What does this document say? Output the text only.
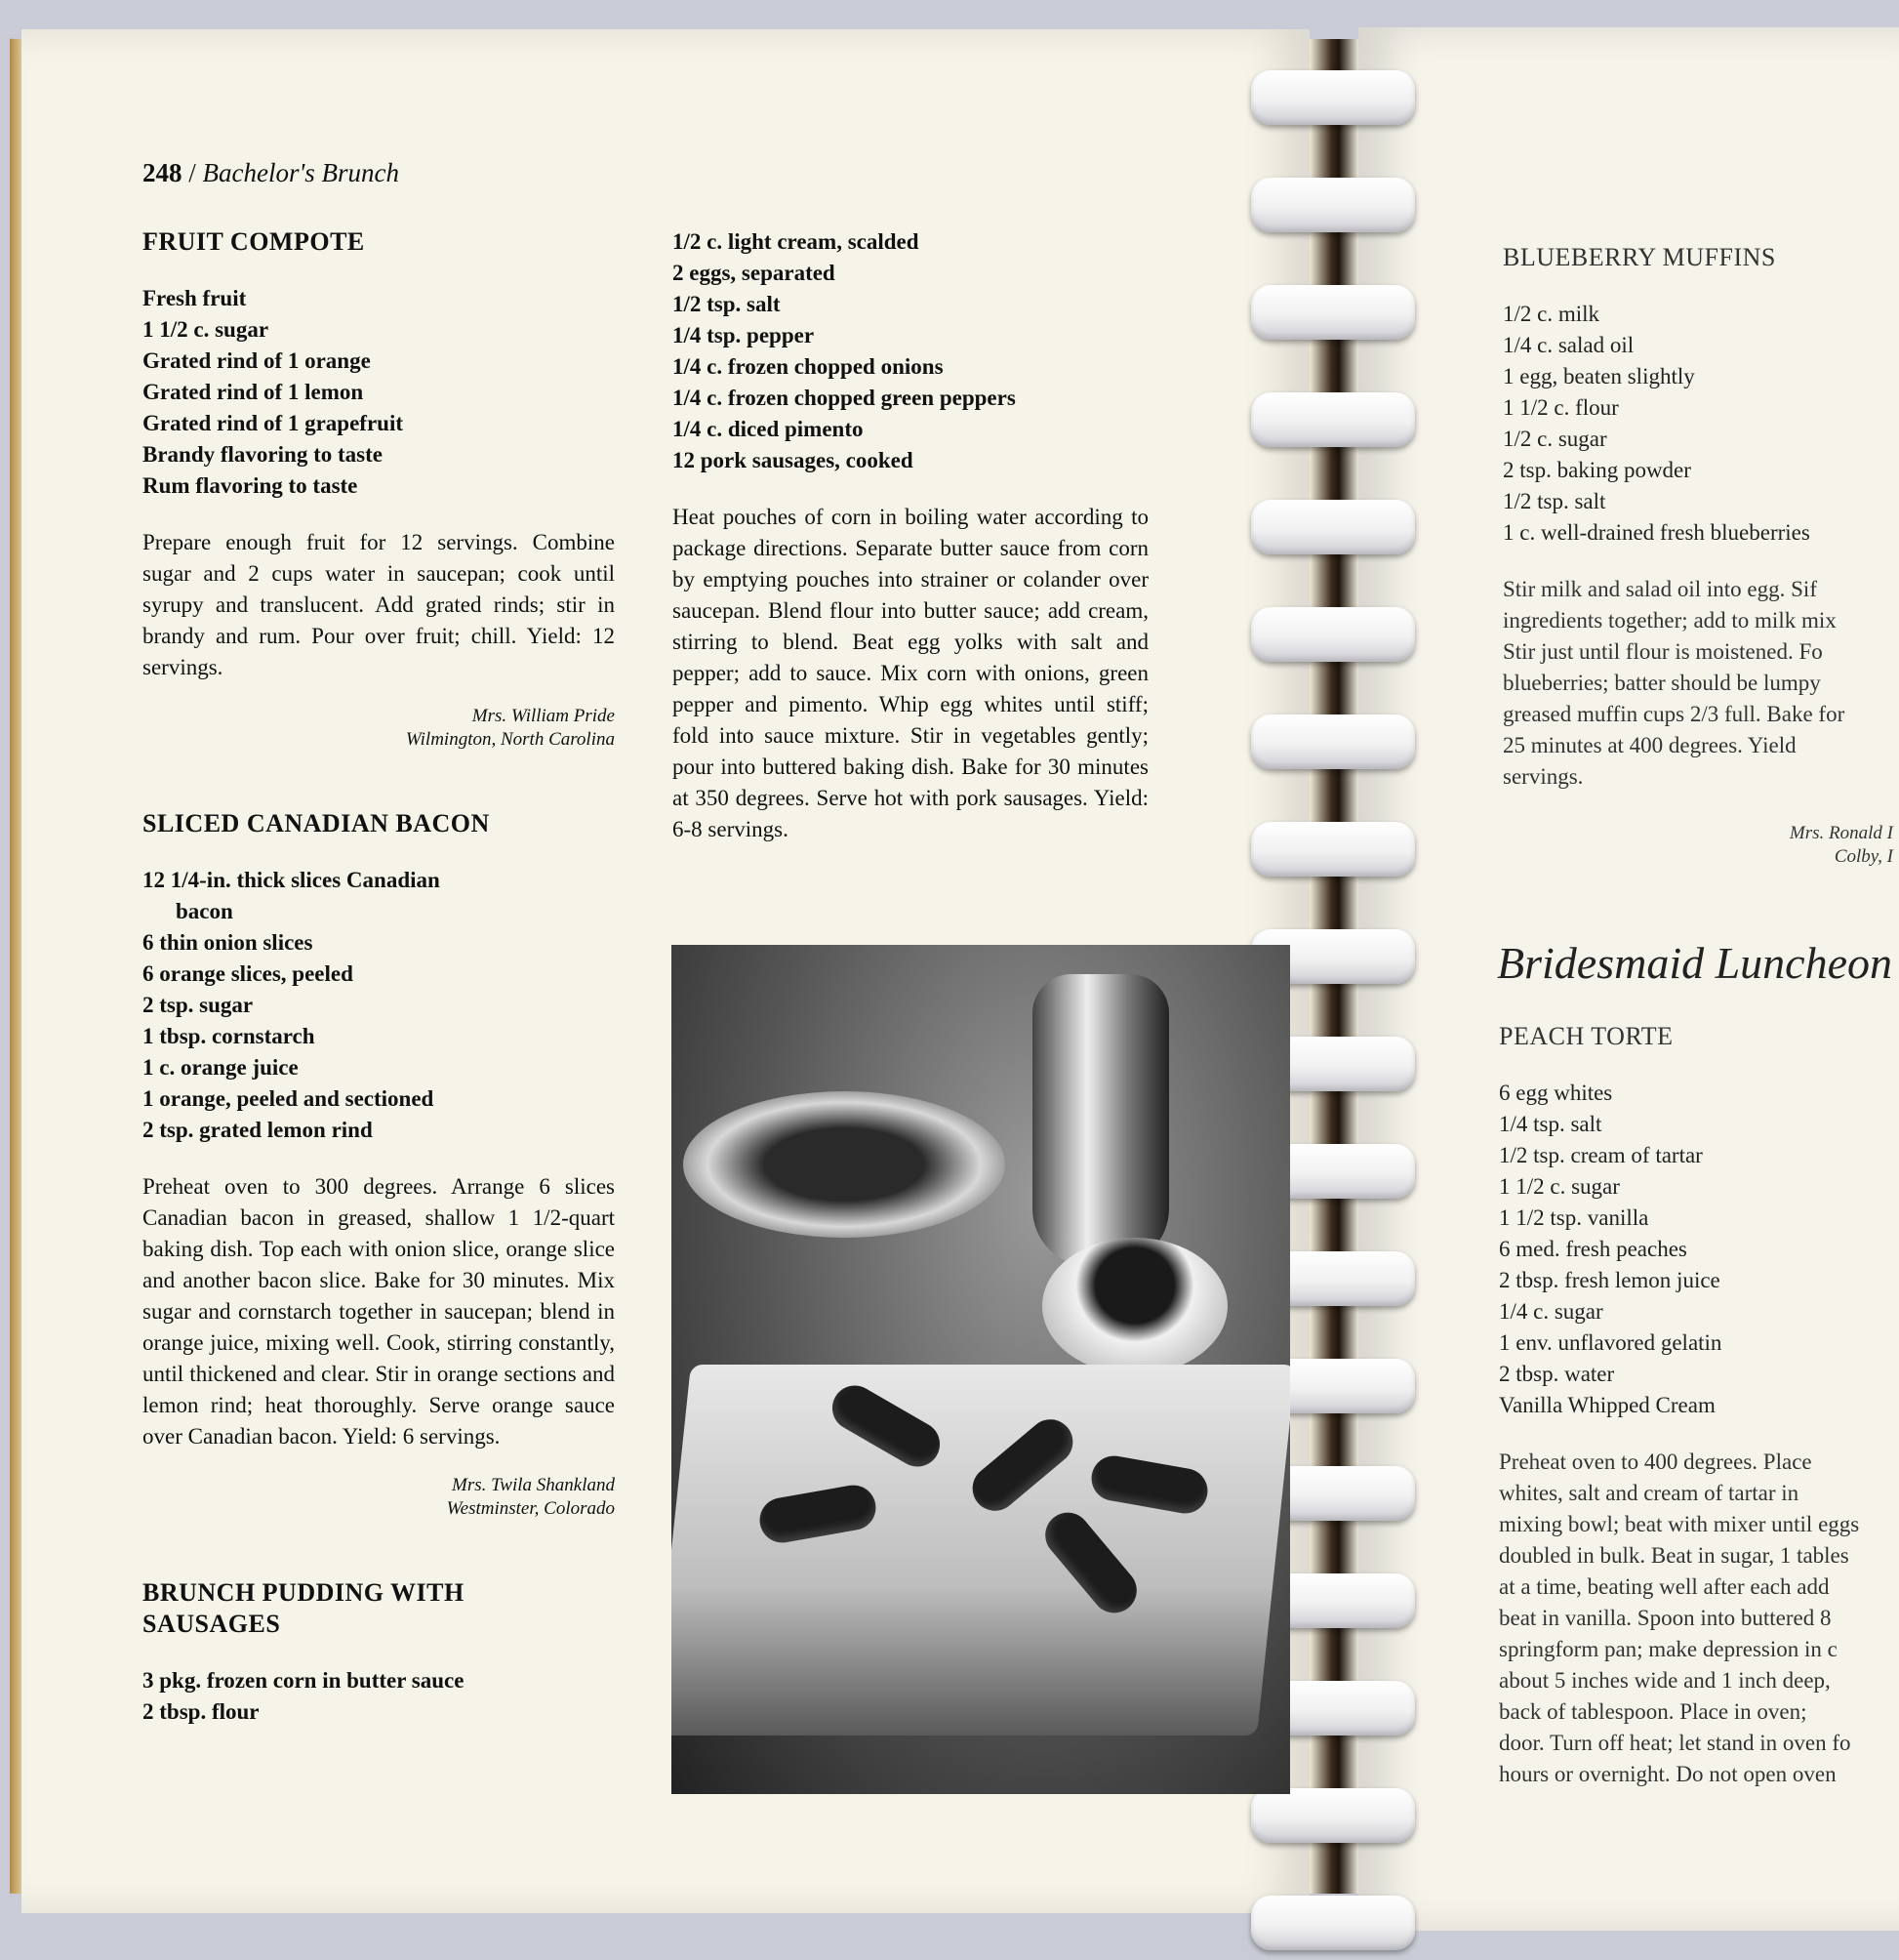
248 / Bachelor's Brunch
FRUIT COMPOTE
Fresh fruit
1 1/2 c. sugar
Grated rind of 1 orange
Grated rind of 1 lemon
Grated rind of 1 grapefruit
Brandy flavoring to taste
Rum flavoring to taste

Prepare enough fruit for 12 servings. Combine sugar and 2 cups water in saucepan; cook until syrupy and translucent. Add grated rinds; stir in brandy and rum. Pour over fruit; chill. Yield: 12 servings.

Mrs. William Pride
Wilmington, North Carolina
SLICED CANADIAN BACON
12 1/4-in. thick slices Canadian
bacon
6 thin onion slices
6 orange slices, peeled
2 tsp. sugar
1 tbsp. cornstarch
1 c. orange juice
1 orange, peeled and sectioned
2 tsp. grated lemon rind

Preheat oven to 300 degrees. Arrange 6 slices Canadian bacon in greased, shallow 1 1/2-quart baking dish. Top each with onion slice, orange slice and another bacon slice. Bake for 30 minutes. Mix sugar and cornstarch together in saucepan; blend in orange juice, mixing well. Cook, stirring constantly, until thickened and clear. Stir in orange sections and lemon rind; heat thoroughly. Serve orange sauce over Canadian bacon. Yield: 6 servings.

Mrs. Twila Shankland
Westminster, Colorado
BRUNCH PUDDING WITH
SAUSAGES
3 pkg. frozen corn in butter sauce
2 tbsp. flour
1/2 c. light cream, scalded
2 eggs, separated
1/2 tsp. salt
1/4 tsp. pepper
1/4 c. frozen chopped onions
1/4 c. frozen chopped green peppers
1/4 c. diced pimento
12 pork sausages, cooked

Heat pouches of corn in boiling water according to package directions. Separate butter sauce from corn by emptying pouches into strainer or colander over saucepan. Blend flour into butter sauce; add cream, stirring to blend. Beat egg yolks with salt and pepper; add to sauce. Mix corn with onions, green pepper and pimento. Whip egg whites until stiff; fold into sauce mixture. Stir in vegetables gently; pour into buttered baking dish. Bake for 30 minutes at 350 degrees. Serve hot with pork sausages. Yield: 6-8 servings.

BLUEBERRY MUFFINS
1/2 c. milk
1/4 c. salad oil
1 egg, beaten slightly
1 1/2 c. flour
1/2 c. sugar
2 tsp. baking powder
1/2 tsp. salt
1 c. well-drained fresh blueberries
Stir milk and salad oil into egg. Sif
ingredients together; add to milk mix
Stir just until flour is moistened. Fo
blueberries; batter should be lumpy
greased muffin cups 2/3 full. Bake for
25 minutes at 400 degrees. Yield
servings.
Mrs. Ronald I
Colby, I
Bridesmaid Luncheon
PEACH TORTE
6 egg whites
1/4 tsp. salt
1/2 tsp. cream of tartar
1 1/2 c. sugar
1 1/2 tsp. vanilla
6 med. fresh peaches
2 tbsp. fresh lemon juice
1/4 c. sugar
1 env. unflavored gelatin
2 tbsp. water
Vanilla Whipped Cream
Preheat oven to 400 degrees. Place
whites, salt and cream of tartar in
mixing bowl; beat with mixer until eggs
doubled in bulk. Beat in sugar, 1 tables
at a time, beating well after each add
beat in vanilla. Spoon into buttered 8
springform pan; make depression in c
about 5 inches wide and 1 inch deep,
back of tablespoon. Place in oven;
door. Turn off heat; let stand in oven fo
hours or overnight. Do not open oven
